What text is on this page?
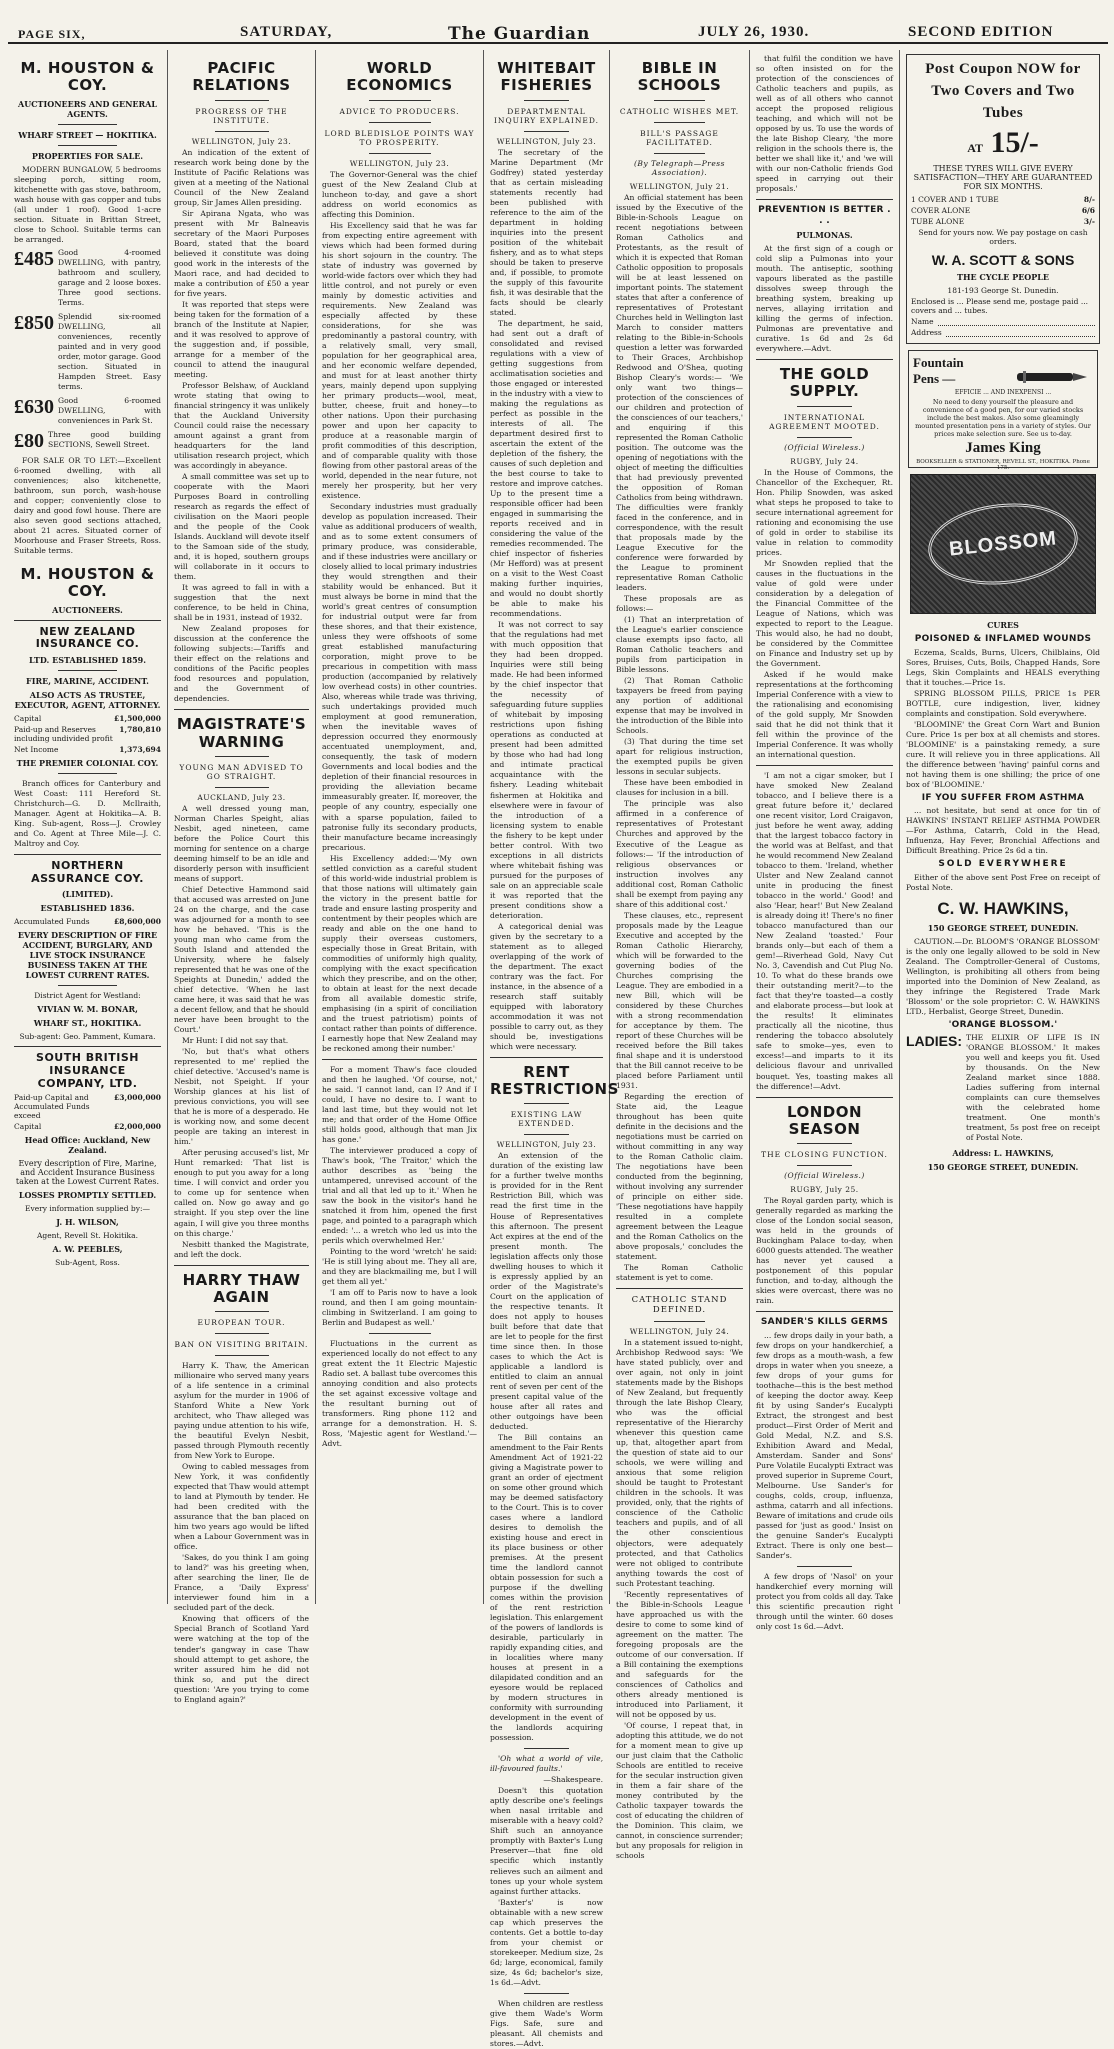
PAGE SIX,	SATURDAY,	The Guardian	JULY 26, 1930.	SECOND EDITION
M. HOUSTON & COY.
AUCTIONEERS AND GENERAL AGENTS.
WHARF STREET — HOKITIKA.
PROPERTIES FOR SALE.

MODERN BUNGALOW, 5 bedrooms sleeping porch, sitting room, kitchenette with gas stove, bathroom, wash house with gas copper and tubs (all under 1 roof). Good 1-acre section. Situate in Brittan Street, close to School. Suitable terms can be arranged.

£485 Good 4-roomed DWELLING, with pantry, bathroom and scullery, garage and 2 loose boxes. Three good sections. Terms.

£850 Splendid six-roomed DWELLING, all conveniences, recently painted and in very good order, motor garage. Good section. Situated in Hampden Street. Easy terms.

£630 Good 6-roomed DWELLING, with conveniences in Park St.

£80 Three good building SECTIONS, Sewell Street.

FOR SALE OR TO LET:—Excellent 6-roomed dwelling, with all conveniences; also kitchenette, bathroom, sun porch, wash-house and copper; conveniently close to dairy and good fowl house. There are also seven good sections attached, about 21 acres. Situated corner of Moorhouse and Fraser Streets, Ross. Suitable terms.

M. HOUSTON & COY.
AUCTIONEERS.
NEW ZEALAND INSURANCE CO.
LTD. ESTABLISHED 1859.
FIRE, MARINE, ACCIDENT.
ALSO ACTS AS TRUSTEE, EXECUTOR, AGENT, ATTORNEY.
Capital	£1,500,000
Paid-up and Reserves including undivided profit
1,780,810
Net Income	1,373,694
THE PREMIER COLONIAL COY.

Branch offices for Canterbury and West Coast: 111 Hereford St. Christchurch—G. D. McIlraith, Manager. Agent at Hokitika—A. B. King. Sub-agent, Ross—J. Crowley and Co. Agent at Three Mile—J. C. Maltroy and Coy.

NORTHERN ASSURANCE COY.
(LIMITED).
ESTABLISHED 1836.
Accumulated Funds	£8,600,000
EVERY DESCRIPTION OF FIRE ACCIDENT, BURGLARY, AND LIVE STOCK INSURANCE BUSINESS TAKEN AT THE LOWEST CURRENT RATES.
District Agent for Westland:
VIVIAN W. M. BONAR,
WHARF ST., HOKITIKA.
Sub-agent: Geo. Pamment, Kumara.
SOUTH BRITISH INSURANCE COMPANY, LTD.
Paid-up Capital and Accumulated Funds exceed
£3,000,000
Capital	£2,000,000
Head Office: Auckland, New Zealand.
Every description of Fire, Marine, and Accident Insurance Business taken at the Lowest Current Rates.
LOSSES PROMPTLY SETTLED.
Every information supplied by:—
J. H. WILSON,
Agent, Revell St. Hokitika.
A. W. PEEBLES,
Sub-Agent, Ross.
PACIFIC RELATIONS
PROGRESS OF THE INSTITUTE.
WELLINGTON, July 23.

An indication of the extent of research work being done by the Institute of Pacific Relations was given at a meeting of the National Council of the New Zealand group, Sir James Allen presiding.

Sir Apirana Ngata, who was present with Mr Balneavis secretary of the Maori Purposes Board, stated that the board believed it constitute was doing good work in the interests of the Maori race, and had decided to make a contribution of £50 a year for five years.

It was reported that steps were being taken for the formation of a branch of the Institute at Napier, and it was resolved to approve of the suggestion and, if possible, arrange for a member of the council to attend the inaugural meeting.

Professor Belshaw, of Auckland wrote stating that owing to financial stringency it was unlikely that the Auckland University Council could raise the necessary amount against a grant from headquarters for the land utilisation research project, which was accordingly in abeyance.

A small committee was set up to cooperate with the Maori Purposes Board in controlling research as regards the effect of civilisation on the Maori people and the people of the Cook Islands. Auckland will devote itself to the Samoan side of the study, and, it is hoped, southern groups will collaborate in it occurs to them.

It was agreed to fall in with a suggestion that the next conference, to be held in China, shall be in 1931, instead of 1932.

New Zealand proposes for discussion at the conference the following subjects:—Tariffs and their effect on the relations and conditions of the Pacific peoples food resources and population, and the Government of dependencies.

MAGISTRATE'S WARNING
YOUNG MAN ADVISED TO GO STRAIGHT.
AUCKLAND, July 23.

A well dressed young man, Norman Charles Speight, alias Nesbit, aged nineteen, came before the Police Court this morning for sentence on a charge deeming himself to be an idle and disorderly person with insufficient means of support.

Chief Detective Hammond said that accused was arrested on June 24 on the charge, and the case was adjourned for a month to see how he behaved. 'This is the young man who came from the South Island and attended the University, where he falsely represented that he was one of the Speights at Dunedin,' added the chief detective. 'When he last came here, it was said that he was a decent fellow, and that he should never have been brought to the Court.'

Mr Hunt: I did not say that.

'No, but that's what others represented to me' replied the chief detective. 'Accused's name is Nesbit, not Speight. If your Worship glances at his list of previous convictions, you will see that he is more of a desperado. He is working now, and some decent people are taking an interest in him.'

After perusing accused's list, Mr Hunt remarked: 'That list is enough to put you away for a long time. I will convict and order you to come up for sentence when called on. Now go away and go straight. If you step over the line again, I will give you three months on this charge.'

Nesbitt thanked the Magistrate, and left the dock.

HARRY THAW AGAIN
EUROPEAN TOUR.
BAN ON VISITING BRITAIN.

Harry K. Thaw, the American millionaire who served many years of a life sentence in a criminal asylum for the murder in 1906 of Stanford White a New York architect, who Thaw alleged was paying undue attention to his wife, the beautiful Evelyn Nesbit, passed through Plymouth recently from New York to Europe.

Owing to cabled messages from New York, it was confidently expected that Thaw would attempt to land at Plymouth by tender. He had been credited with the assurance that the ban placed on him two years ago would be lifted when a Labour Government was in office.

'Sakes, do you think I am going to land?' was his greeting when, after searching the liner, Ile de France, a 'Daily Express' interviewer found him in a secluded part of the deck.

Knowing that officers of the Special Branch of Scotland Yard were watching at the top of the tender's gangway in case Thaw should attempt to get ashore, the writer assured him he did not think so, and put the direct question: 'Are you trying to come to England again?'

WORLD ECONOMICS
ADVICE TO PRODUCERS.
LORD BLEDISLOE POINTS WAY TO PROSPERITY.
WELLINGTON, July 23.

The Governor-General was the chief guest of the New Zealand Club at luncheon to-day, and gave a short address on world economics as affecting this Dominion.

His Excellency said that he was far from expecting entire agreement with views which had been formed during his short sojourn in the country. The state of industry was governed by world-wide factors over which they had little control, and not purely or even mainly by domestic activities and requirements. New Zealand was especially affected by these considerations, for she was predominantly a pastoral country, with a relatively small, very small, population for her geographical area, and her economic welfare depended, and must for at least another thirty years, mainly depend upon supplying her primary products—wool, meat, butter, cheese, fruit and honey—to other nations. Upon their purchasing power and upon her capacity to produce at a reasonable margin of profit commodities of this description, and of comparable quality with those flowing from other pastoral areas of the world, depended in the near future, not merely her prosperity, but her very existence.

Secondary industries must gradually develop as population increased. Their value as additional producers of wealth, and as to some extent consumers of primary produce, was considerable, and if these industries were ancillary or closely allied to local primary industries they would strengthen and their stability would be enhanced. But it must always be borne in mind that the world's great centres of consumption for industrial output were far from these shores, and that their existence, unless they were offshoots of some great established manufacturing corporation, might prove to be precarious in competition with mass production (accompanied by relatively low overhead costs) in other countries. Also, whereas while trade was thriving, such undertakings provided much employment at good remuneration, when the inevitable waves of depression occurred they enormously accentuated unemployment, and, consequently, the task of modern Governments and local bodies and the depletion of their financial resources in providing the alleviation became immeasurably greater. If, moreover, the people of any country, especially one with a sparse population, failed to patronise fully its secondary products, their manufacture became increasingly precarious.

His Excellency added:—'My own settled conviction as a careful student of this world-wide industrial problem is that those nations will ultimately gain the victory in the present battle for trade and ensure lasting prosperity and contentment by their peoples which are ready and able on the one hand to supply their overseas customers, especially those in Great Britain, with commodities of uniformly high quality, complying with the exact specification which they prescribe, and on the other, to obtain at least for the next decade from all available domestic strife, emphasising (in a spirit of conciliation and the truest patriotism) points of contact rather than points of difference. I earnestly hope that New Zealand may be reckoned among their number.'

For a moment Thaw's face clouded and then he laughed. 'Of course, not,' he said. 'I cannot land, can I? And if I could, I have no desire to. I want to land last time, but they would not let me; and that order of the Home Office still holds good, although that man Jix has gone.'

The interviewer produced a copy of Thaw's book, 'The Traitor,' which the author describes as 'being the untampered, unrevised account of the trial and all that led up to it.' When he saw the book in the visitor's hand he snatched it from him, opened the first page, and pointed to a paragraph which ended: '... a wretch who led us into the perils which overwhelmed Her.'

Pointing to the word 'wretch' he said: 'He is still lying about me. They all are, and they are blackmailing me, but I will get them all yet.'

'I am off to Paris now to have a look round, and then I am going mountain-climbing in Switzerland. I am going to Berlin and Budapest as well.'

Fluctuations in the current as experienced locally do not effect to any great extent the 1t Electric Majestic Radio set. A ballast tube overcomes this annoying condition and also protects the set against excessive voltage and the resultant burning out of transformers. Ring phone 112 and arrange for a demonstration. H. S. Ross, 'Majestic agent for Westland.'—Advt.

WHITEBAIT FISHERIES
DEPARTMENTAL INQUIRY EXPLAINED.
WELLINGTON, July 23.

The secretary of the Marine Department (Mr Godfrey) stated yesterday that as certain misleading statements recently had been published with reference to the aim of the department in holding inquiries into the present position of the whitebait fishery, and as to what steps should be taken to preserve and, if possible, to promote the supply of this favourite fish, it was desirable that the facts should be clearly stated.

The department, he said, had sent out a draft of consolidated and revised regulations with a view of getting suggestions from acclimatisation societies and those engaged or interested in the industry with a view to making the regulations as perfect as possible in the interests of all. The department desired first to ascertain the extent of the depletion of the fishery, the causes of such depletion and the best course to take to restore and improve catches. Up to the present time a responsible officer had been engaged in summarising the reports received and in considering the value of the remedies recommended. The chief inspector of fisheries (Mr Hefford) was at present on a visit to the West Coast making further inquiries, and would no doubt shortly be able to make his recommendations.

It was not correct to say that the regulations had met with much opposition that they had been dropped. Inquiries were still being made. He had been informed by the chief inspector that the necessity of safeguarding future supplies of whitebait by imposing restrictions upon fishing operations as conducted at present had been admitted by those who had had long and intimate practical acquaintance with the fishery. Leading whitebait fishermen at Hokitika and elsewhere were in favour of the introduction of a licensing system to enable the fishery to be kept under better control. With two exceptions in all districts where whitebait fishing was pursued for the purposes of sale on an appreciable scale it was reported that the present conditions show a deterioration.

A categorical denial was given by the secretary to a statement as to alleged overlapping of the work of the department. The exact contrary was the fact. For instance, in the absence of a research staff suitably equipped with laboratory accommodation it was not possible to carry out, as they should be, investigations which were necessary.

RENT RESTRICTIONS
EXISTING LAW EXTENDED.
WELLINGTON, July 23.

An extension of the duration of the existing law for a further twelve months is provided for in the Rent Restriction Bill, which was read the first time in the House of Representatives this afternoon. The present Act expires at the end of the present month. The legislation affects only those dwelling houses to which it is expressly applied by an order of the Magistrate's Court on the application of the respective tenants. It does not apply to houses built before that date that are let to people for the first time since then. In those cases to which the Act is applicable a landlord is entitled to claim an annual rent of seven per cent of the present capital value of the house after all rates and other outgoings have been deducted.

The Bill contains an amendment to the Fair Rents Amendment Act of 1921-22 giving a Magistrate power to grant an order of ejectment on some other ground which may be deemed satisfactory to the Court. This is to cover cases where a landlord desires to demolish the existing house and erect in its place business or other premises. At the present time the landlord cannot obtain possession for such a purpose if the dwelling comes within the provision of the rent restriction legislation. This enlargement of the powers of landlords is desirable, particularly in rapidly expanding cities, and in localities where many houses at present in a dilapidated condition and an eyesore would be replaced by modern structures in conformity with surrounding development in the event of the landlords acquiring possession.

'Oh what a world of vile, ill-favoured faults.'

—Shakespeare.

Doesn't this quotation aptly describe one's feelings when nasal irritable and miserable with a heavy cold? Shift such an annoyance promptly with Baxter's Lung Preserver—that fine old specific which instantly relieves such an ailment and tones up your whole system against further attacks.

'Baxter's' is now obtainable with a new screw cap which preserves the contents. Get a bottle to-day from your chemist or storekeeper. Medium size, 2s 6d; large, economical, family size, 4s 6d; bachelor's size, 1s 6d.—Advt.

When children are restless give them Wade's Worm Figs. Safe, sure and pleasant. All chemists and stores.—Advt.

BIBLE IN SCHOOLS
CATHOLIC WISHES MET.
BILL'S PASSAGE FACILITATED.
(By Telegraph—Press Association).
WELLINGTON, July 21.

An official statement has been issued by the Executive of the Bible-in-Schools League on recent negotiations between Roman Catholics and Protestants, as the result of which it is expected that Roman Catholic opposition to proposals will be at least lessened on important points. The statement states that after a conference of representatives of Protestant Churches held in Wellington last March to consider matters relating to the Bible-in-Schools question a letter was forwarded to Their Graces, Archbishop Redwood and O'Shea, quoting Bishop Cleary's words:— 'We only want two things—protection of the consciences of our children and protection of the consciences of our teachers,' and enquiring if this represented the Roman Catholic position. The outcome was the opening of negotiations with the object of meeting the difficulties that had previously prevented the opposition of Roman Catholics from being withdrawn. The difficulties were frankly faced in the conference, and in correspondence, with the result that proposals made by the League Executive for the conference were forwarded by the League to prominent representative Roman Catholic leaders.

These proposals are as follows:—

(1) That an interpretation of the League's earlier conscience clause exempts ipso facto, all Roman Catholic teachers and pupils from participation in Bible lessons.

(2) That Roman Catholic taxpayers be freed from paying any portion of additional expense that may be involved in the introduction of the Bible into Schools.

(3) That during the time set apart for religious instruction, the exempted pupils be given lessons in secular subjects.

These have been embodied in clauses for inclusion in a bill.

The principle was also affirmed in a conference of representatives of Protestant Churches and approved by the Executive of the League as follows:— 'If the introduction of religious observances or instruction involves any additional cost, Roman Catholic shall be exempt from paying any share of this additional cost.'

These clauses, etc., represent proposals made by the League Executive and accepted by the Roman Catholic Hierarchy, which will be forwarded to the governing bodies of the Churches comprising the League. They are embodied in a new Bill, which will be considered by these Churches with a strong recommendation for acceptance by them. The report of these Churches will be received before the Bill takes final shape and it is understood that the Bill cannot receive to be placed before Parliament until 1931.

Regarding the erection of State aid, the League throughout has been quite definite in the decisions and the negotiations must be carried on without committing in any way to the Roman Catholic claim. The negotiations have been conducted from the beginning, without involving any surrender of principle on either side. 'These negotiations have happily resulted in a complete agreement between the League and the Roman Catholics on the above proposals,' concludes the statement.

The Roman Catholic statement is yet to come.

CATHOLIC STAND DEFINED.
WELLINGTON, July 24.

In a statement issued to-night, Archbishop Redwood says: 'We have stated publicly, over and over again, not only in joint statements made by the Bishops of New Zealand, but frequently through the late Bishop Cleary, who was the official representative of the Hierarchy whenever this question came up, that, altogether apart from the question of state aid to our schools, we were willing and anxious that some religion should be taught to Protestant children in the schools. It was provided, only, that the rights of conscience of the Catholic teachers and pupils, and of all the other conscientious objectors, were adequately protected, and that Catholics were not obliged to contribute anything towards the cost of such Protestant teaching.

'Recently representatives of the Bible-in-Schools League have approached us with the desire to come to some kind of agreement on the matter. The foregoing proposals are the outcome of our conversation. If a Bill containing the exemptions and safeguards for the consciences of Catholics and others already mentioned is introduced into Parliament, it will not be opposed by us.

'Of course, I repeat that, in adopting this attitude, we do not for a moment mean to give up our just claim that the Catholic Schools are entitled to receive for the secular instruction given in them a fair share of the money contributed by the Catholic taxpayer towards the cost of educating the children of the Dominion. This claim, we cannot, in conscience surrender; but any proposals for religion in schools

that fulfil the condition we have so often insisted on for the protection of the consciences of Catholic teachers and pupils, as well as of all others who cannot accept the proposed religious teaching, and which will not be opposed by us. To use the words of the late Bishop Cleary, 'the more religion in the schools there is, the better we shall like it,' and 'we will with our non-Catholic friends God speed in carrying out their proposals.'

PREVENTION IS BETTER . . .
PULMONAS.

At the first sign of a cough or cold slip a Pulmonas into your mouth. The antiseptic, soothing vapours liberated as the pastille dissolves sweep through the breathing system, breaking up nerves, allaying irritation and killing the germs of infection. Pulmonas are preventative and curative. 1s 6d and 2s 6d everywhere.—Advt.

THE GOLD SUPPLY.
INTERNATIONAL AGREEMENT MOOTED.
(Official Wireless.)
RUGBY, July 24.

In the House of Commons, the Chancellor of the Exchequer, Rt. Hon. Philip Snowden, was asked what steps he proposed to take to secure international agreement for rationing and economising the use of gold in order to stabilise its value in relation to commodity prices.

Mr Snowden replied that the causes in the fluctuations in the value of gold were under consideration by a delegation of the Financial Committee of the League of Nations, which was expected to report to the League. This would also, he had no doubt, be considered by the Committee on Finance and Industry set up by the Government.

Asked if he would make representations at the forthcoming Imperial Conference with a view to the rationalising and economising of the gold supply, Mr Snowden said that he did not think that it fell within the province of the Imperial Conference. It was wholly an international question.

'I am not a cigar smoker, but I have smoked New Zealand tobacco, and I believe there is a great future before it,' declared one recent visitor, Lord Craigavon, just before he went away, adding that the largest tobacco factory in the world was at Belfast, and that he would recommend New Zealand tobacco to them. 'Ireland, whether Ulster and New Zealand cannot unite in producing the finest tobacco in the world.' Good! and also 'Hear, hear!' But New Zealand is already doing it! There's no finer tobacco manufactured than our New Zealand 'toasted.' Four brands only—but each of them a gem!—Riverhead Gold, Navy Cut No. 3, Cavendish and Cut Plug No. 10. To what do these brands owe their outstanding merit?—to the fact that they're toasted—a costly and elaborate process—but look at the results! It eliminates practically all the nicotine, thus rendering the tobacco absolutely safe to smoke—yes, even to excess!—and imparts to it its delicious flavour and unrivalled bouquet. Yes, toasting makes all the difference!—Advt.

LONDON SEASON
THE CLOSING FUNCTION.
(Official Wireless.)
RUGBY, July 25.

The Royal garden party, which is generally regarded as marking the close of the London social season, was held in the grounds of Buckingham Palace to-day, when 6000 guests attended. The weather has never yet caused a postponement of this popular function, and to-day, although the skies were overcast, there was no rain.

SANDER'S KILLS GERMS

... few drops daily in your bath, a few drops on your handkerchief, a few drops as a mouth-wash, a few drops in water when you sneeze, a few drops of your gums for toothache—this is the best method of keeping the doctor away. Keep fit by using Sander's Eucalypti Extract, the strongest and best product—First Order of Merit and Gold Medal, N.Z. and S.S. Exhibition Award and Medal, Amsterdam. Sander and Sons' Pure Volatile Eucalypti Extract was proved superior in Supreme Court, Melbourne. Use Sander's for coughs, colds, croup, influenza, asthma, catarrh and all infections. Beware of imitations and crude oils passed for 'just as good.' Insist on the genuine Sander's Eucalypti Extract. There is only one best—Sander's.

A few drops of 'Nasol' on your handkerchief every morning will protect you from colds all day. Take this scientific precaution right through until the winter. 60 doses only cost 1s 6d.—Advt.

Post Coupon NOW for Two Covers and Two Tubes
AT 15/-
THESE TYRES WILL GIVE EVERY SATISFACTION—THEY ARE GUARANTEED FOR SIX MONTHS.
1 COVER AND 1 TUBE	8/-
COVER ALONE	6/6
TUBE ALONE	3/-
Send for yours now. We pay postage on cash orders.
W. A. SCOTT & SONS
THE CYCLE PEOPLE
181-193 George St. Dunedin.
Enclosed is ... Please send me, postage paid ... covers and ... tubes.
Name
Address
Fountain
Pens —
EFFICIE ... AND INEXPENSI ...
No need to deny yourself the pleasure and convenience of a good pen, for our varied stocks include the best makes. Also some gleamingly mounted presentation pens in a variety of styles. Our prices make selection sure. See us to-day.
James King
BOOKSELLER & STATIONER, REVELL ST., HOKITIKA. Phone 175.
BLOSSOM
CURES
POISONED & INFLAMED WOUNDS

Eczema, Scalds, Burns, Ulcers, Chilblains, Old Sores, Bruises, Cuts, Boils, Chapped Hands, Sore Legs, Skin Complaints and HEALS everything that it touches.—Price 1s.

SPRING BLOSSOM PILLS, PRICE 1s PER BOTTLE, cure indigestion, liver, kidney complaints and constipation. Sold everywhere.

'BLOOMINE' the Great Corn Wart and Bunion Cure. Price 1s per box at all chemists and stores. 'BLOOMINE' is a painstaking remedy, a sure cure. It will relieve you in three applications. All the difference between 'having' painful corns and not having them is one shilling; the price of one box of 'BLOOMINE.'

IF YOU SUFFER FROM ASTHMA

... not hesitate, but send at once for tin of HAWKINS' INSTANT RELIEF ASTHMA POWDER—For Asthma, Catarrh, Cold in the Head, Influenza, Hay Fever, Bronchial Affections and Difficult Breathing. Price 2s 6d a tin.

SOLD EVERYWHERE

Either of the above sent Post Free on receipt of Postal Note.

C. W. HAWKINS,
150 GEORGE STREET, DUNEDIN.

CAUTION.—Dr. BLOOM'S 'ORANGE BLOSSOM' is the only one legally allowed to be sold in New Zealand. The Comptroller-General of Customs, Wellington, is prohibiting all others from being imported into the Dominion of New Zealand, as they infringe the Registered Trade Mark 'Blossom' or the sole proprietor: C. W. HAWKINS LTD., Herbalist, George Street, Dunedin.

'ORANGE BLOSSOM.'
LADIES: THE ELIXIR OF LIFE IS IN 'ORANGE BLOSSOM.' It makes you well and keeps you fit. Used by thousands. On the New Zealand market since 1888. Ladies suffering from internal complaints can cure themselves with the celebrated home treatment. One month's treatment, 5s post free on receipt of Postal Note.

Address: L. HAWKINS,
150 GEORGE STREET, DUNEDIN.
